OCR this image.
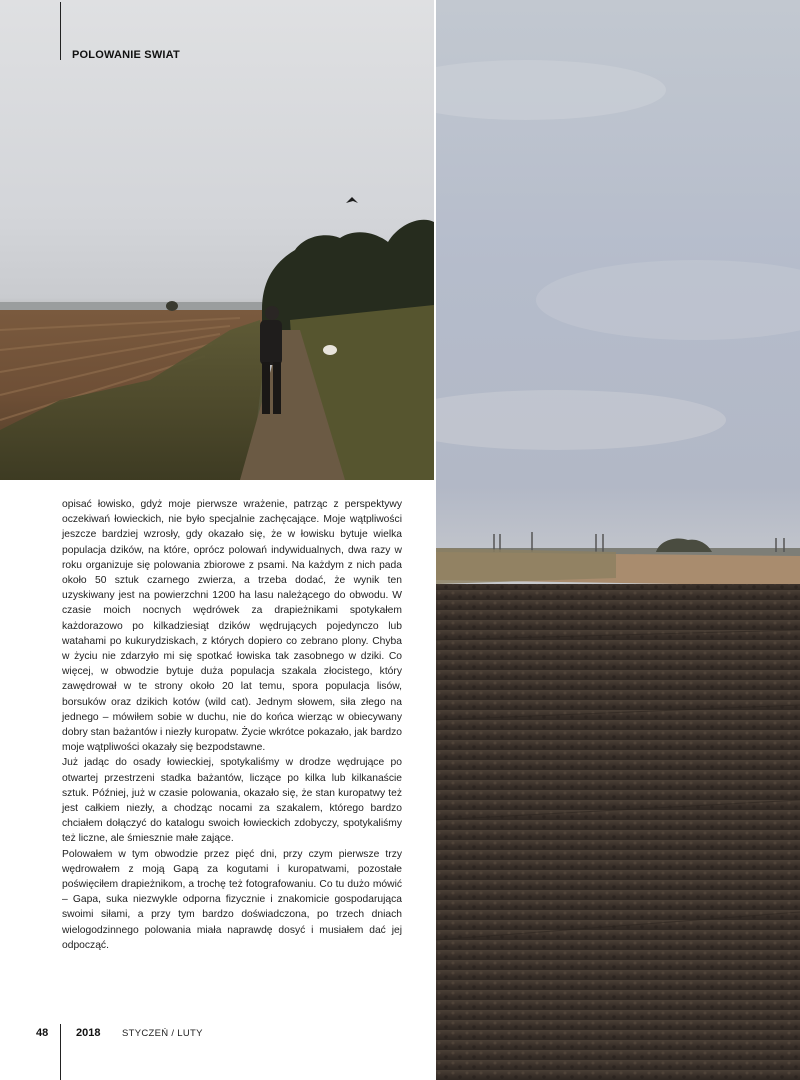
POLOWANIE SWIAT

opisać łowisko, gdyż moje pierwsze wrażenie, patrząc z perspektywy oczekiwań łowieckich, nie było specjalnie zachęcające. Moje wątpliwości jeszcze bardziej wzrosły, gdy okazało się, że w łowisku bytuje wielka populacja dzików, na które, oprócz polowań indywidualnych, dwa razy w roku organizuje się polowania zbiorowe z psami. Na każdym z nich pada około 50 sztuk czarnego zwierza, a trzeba dodać, że wynik ten uzyskiwany jest na powierzchni 1200 ha lasu należącego do obwodu. W czasie moich nocnych wędrówek za drapieżnikami spotykałem każdorazowo po kilkadziesiąt dzików wędrujących pojedynczo lub watahami po kukurydziskach, z których dopiero co zebrano plony. Chyba w życiu nie zdarzyło mi się spotkać łowiska tak zasobnego w dziki. Co więcej, w obwodzie bytuje duża populacja szakala złocistego, który zawędrował w te strony około 20 lat temu, spora populacja lisów, borsuków oraz dzikich kotów (wild cat). Jednym słowem, siła złego na jednego – mówiłem sobie w duchu, nie do końca wierząc w obiecywany dobry stan bażantów i niezły kuropatw. Życie wkrótce pokazało, jak bardzo moje wątpliwości okazały się bezpodstawne.

Już jadąc do osady łowieckiej, spotykaliśmy w drodze wędrujące po otwartej przestrzeni stadka bażantów, liczące po kilka lub kilkanaście sztuk. Później, już w czasie polowania, okazało się, że stan kuropatwy też jest całkiem niezły, a chodząc nocami za szakalem, którego bardzo chciałem dołączyć do katalogu swoich łowieckich zdobyczy, spotykaliśmy też liczne, ale śmiesznie małe zające.

Polowałem w tym obwodzie przez pięć dni, przy czym pierwsze trzy wędrowałem z moją Gapą za kogutami i kuropatwami, pozostałe poświęciłem drapieżnikom, a trochę też fotografowaniu. Co tu dużo mówić – Gapa, suka niezwykle odporna fizycznie i znakomicie gospodarująca swoimi siłami, a przy tym bardzo doświadczona, po trzech dniach wielogodzinnego polowania miała naprawdę dosyć i musiałem dać jej odpocząć.

48	2018 STYCZEŃ / LUTY
